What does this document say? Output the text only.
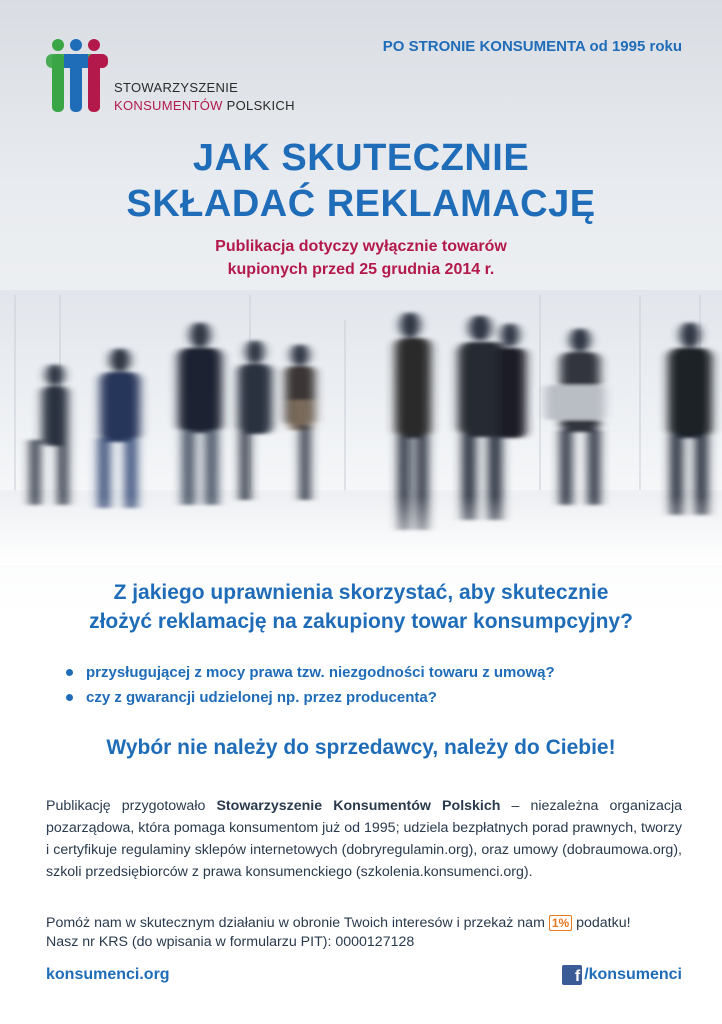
PO STRONIE KONSUMENTA od 1995 roku
STOWARZYSZENIE
KONSUMENTÓW POLSKICH
JAK SKUTECZNIE
SKŁADAĆ REKLAMACJĘ
Publikacja dotyczy wyłącznie towarów
kupionych przed 25 grudnia 2014 r.
Z jakiego uprawnienia skorzystać, aby skutecznie
złożyć reklamację na zakupiony towar konsumpcyjny?
przysługującej z mocy prawa tzw. niezgodności towaru z umową?
czy z gwarancji udzielonej np. przez producenta?
Wybór nie należy do sprzedawcy, należy do Ciebie!
Publikację przygotowało Stowarzyszenie Konsumentów Polskich – niezależna organizacja pozarządowa, która pomaga konsumentom już od 1995; udziela bezpłatnych porad prawnych, tworzy i certyfikuje regulaminy sklepów internetowych (dobryregulamin.org), oraz umowy (dobraumowa.org), szkoli przedsiębiorców z prawa konsumenckiego (szkolenia.konsumenci.org).
Pomóż nam w skutecznym działaniu w obronie Twoich interesów i przekaż nam 1% podatku!
Nasz nr KRS (do wpisania w formularzu PIT): 0000127128
konsumenci.org	f /konsumenci
